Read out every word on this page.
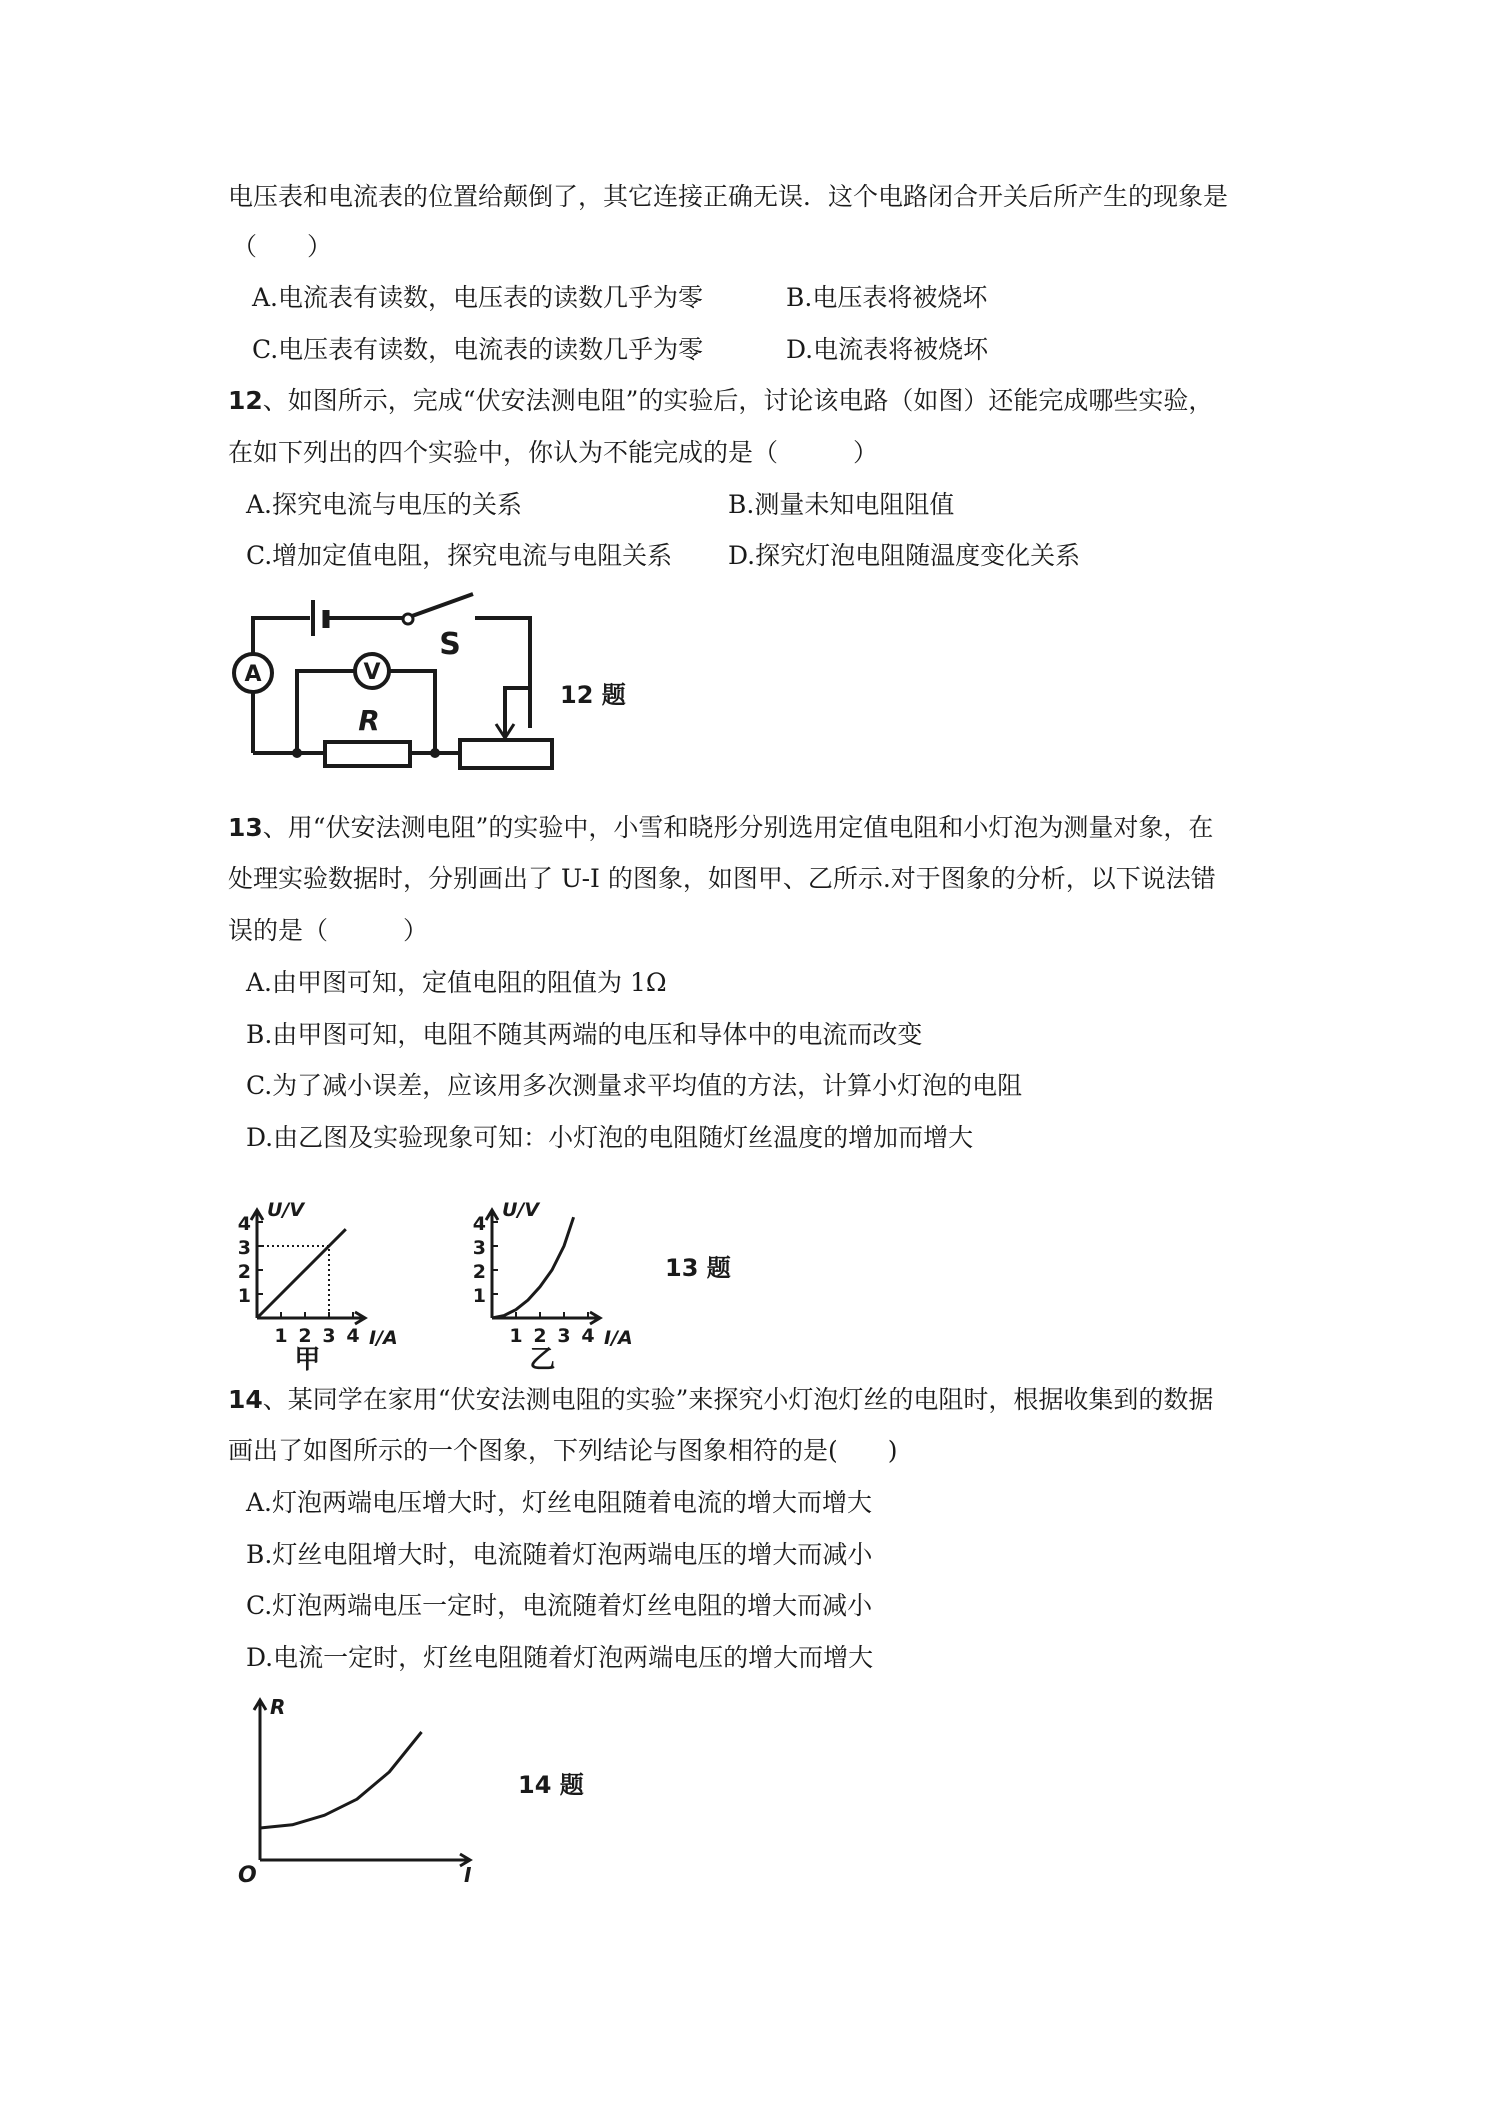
电压表和电流表的位置给颠倒了，其它连接正确无误．这个电路闭合开关后所产生的现象是
（　　）
A.电流表有读数，电压表的读数几乎为零	B.电压表将被烧坏
C.电压表有读数，电流表的读数几乎为零	D.电流表将被烧坏
12、如图所示，完成“伏安法测电阻”的实验后，讨论该电路（如图）还能完成哪些实验，
在如下列出的四个实验中，你认为不能完成的是（　　　）
A.探究电流与电压的关系	B.测量未知电阻阻值
C.增加定值电阻，探究电流与电阻关系 D.探究灯泡电阻随温度变化关系
A	V
R
S
12 题
13、用“伏安法测电阻”的实验中，小雪和晓彤分别选用定值电阻和小灯泡为测量对象，在
处理实验数据时，分别画出了 U-I 的图象，如图甲、乙所示.对于图象的分析，以下说法错
误的是（　　　）
A.由甲图可知，定值电阻的阻值为 1Ω
B.由甲图可知，电阻不随其两端的电压和导体中的电流而改变
C.为了减小误差，应该用多次测量求平均值的方法，计算小灯泡的电阻
D.由乙图及实验现象可知：小灯泡的电阻随灯丝温度的增加而增大
1 2 3 4
1
2
3
4
I/A
U/V
甲
1 2 3 4
1
2
3
4
I/A
U/V
乙
13 题
14、某同学在家用“伏安法测电阻的实验”来探究小灯泡灯丝的电阻时，根据收集到的数据
画出了如图所示的一个图象，下列结论与图象相符的是(　　)
A.灯泡两端电压增大时，灯丝电阻随着电流的增大而增大
B.灯丝电阻增大时，电流随着灯泡两端电压的增大而减小
C.灯泡两端电压一定时，电流随着灯丝电阻的增大而减小
D.电流一定时，灯丝电阻随着灯泡两端电压的增大而增大
R
I
O
14 题
